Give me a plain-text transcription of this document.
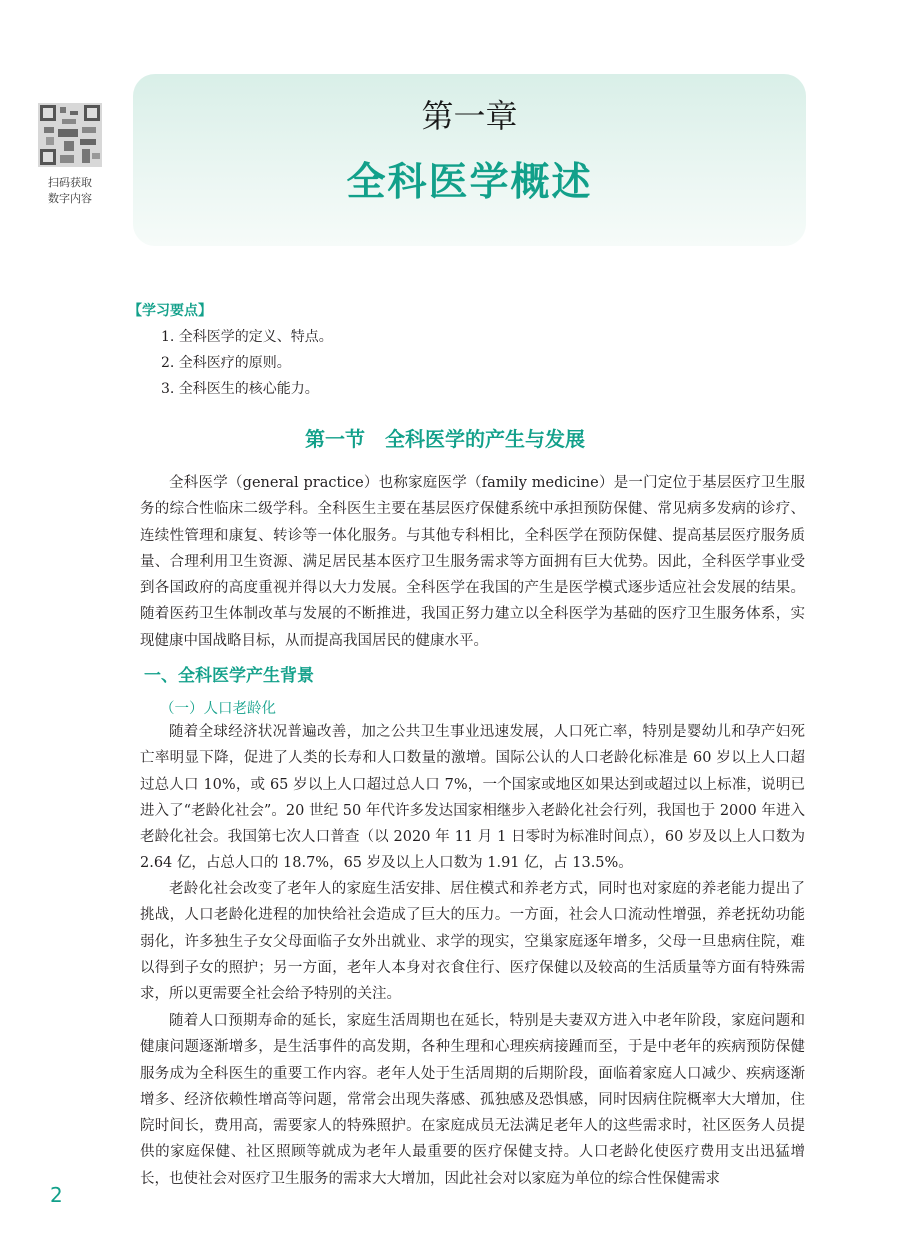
扫码获取
数字内容
第一章
全科医学概述
【学习要点】
1. 全科医学的定义、特点。
2. 全科医疗的原则。
3. 全科医生的核心能力。
第一节　全科医学的产生与发展

全科医学（general practice）也称家庭医学（family medicine）是一门定位于基层医疗卫生服务的综合性临床二级学科。全科医生主要在基层医疗保健系统中承担预防保健、常见病多发病的诊疗、连续性管理和康复、转诊等一体化服务。与其他专科相比，全科医学在预防保健、提高基层医疗服务质量、合理利用卫生资源、满足居民基本医疗卫生服务需求等方面拥有巨大优势。因此，全科医学事业受到各国政府的高度重视并得以大力发展。全科医学在我国的产生是医学模式逐步适应社会发展的结果。随着医药卫生体制改革与发展的不断推进，我国正努力建立以全科医学为基础的医疗卫生服务体系，实现健康中国战略目标，从而提高我国居民的健康水平。

一、全科医学产生背景
（一）人口老龄化

随着全球经济状况普遍改善，加之公共卫生事业迅速发展，人口死亡率，特别是婴幼儿和孕产妇死亡率明显下降，促进了人类的长寿和人口数量的激增。国际公认的人口老龄化标准是 60 岁以上人口超过总人口 10%，或 65 岁以上人口超过总人口 7%，一个国家或地区如果达到或超过以上标准，说明已进入了“老龄化社会”。20 世纪 50 年代许多发达国家相继步入老龄化社会行列，我国也于 2000 年进入老龄化社会。我国第七次人口普查（以 2020 年 11 月 1 日零时为标准时间点），60 岁及以上人口数为 2.64 亿，占总人口的 18.7%，65 岁及以上人口数为 1.91 亿，占 13.5%。

老龄化社会改变了老年人的家庭生活安排、居住模式和养老方式，同时也对家庭的养老能力提出了挑战，人口老龄化进程的加快给社会造成了巨大的压力。一方面，社会人口流动性增强，养老抚幼功能弱化，许多独生子女父母面临子女外出就业、求学的现实，空巢家庭逐年增多，父母一旦患病住院，难以得到子女的照护；另一方面，老年人本身对衣食住行、医疗保健以及较高的生活质量等方面有特殊需求，所以更需要全社会给予特别的关注。

随着人口预期寿命的延长，家庭生活周期也在延长，特别是夫妻双方进入中老年阶段，家庭问题和健康问题逐渐增多，是生活事件的高发期，各种生理和心理疾病接踵而至，于是中老年的疾病预防保健服务成为全科医生的重要工作内容。老年人处于生活周期的后期阶段，面临着家庭人口减少、疾病逐渐增多、经济依赖性增高等问题，常常会出现失落感、孤独感及恐惧感，同时因病住院概率大大增加，住院时间长，费用高，需要家人的特殊照护。在家庭成员无法满足老年人的这些需求时，社区医务人员提供的家庭保健、社区照顾等就成为老年人最重要的医疗保健支持。人口老龄化使医疗费用支出迅猛增长，也使社会对医疗卫生服务的需求大大增加，因此社会对以家庭为单位的综合性保健需求

2
